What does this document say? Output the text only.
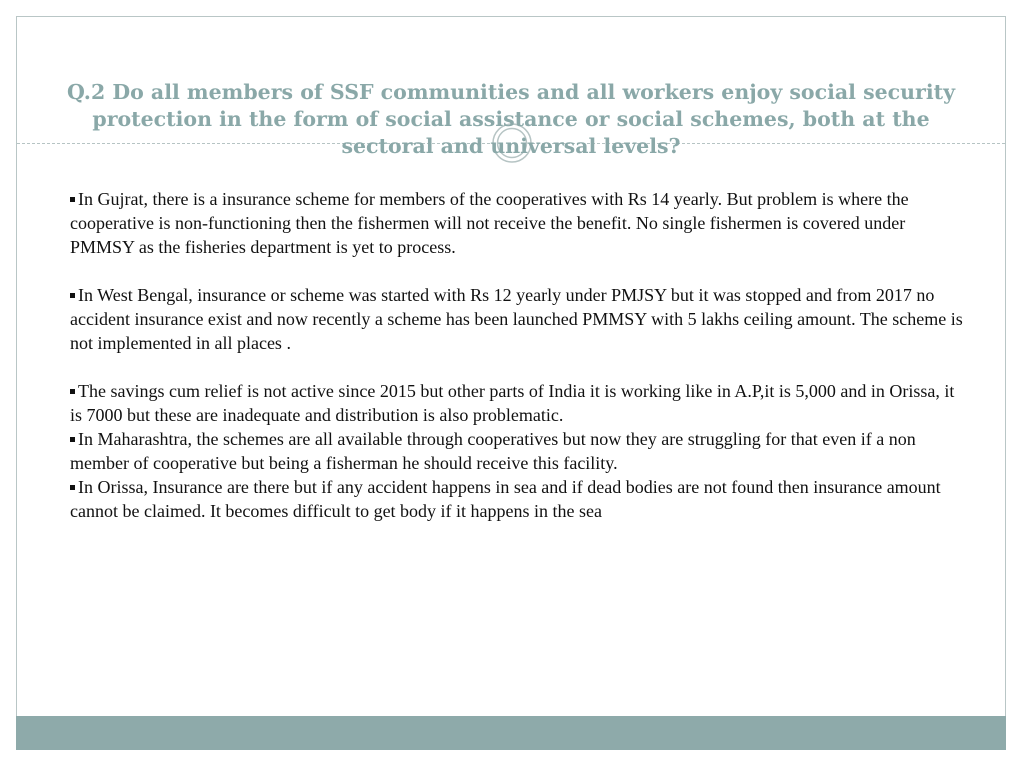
Q.2 Do all members of SSF communities and all workers enjoy social security protection in the form of social assistance or social schemes, both at the sectoral and universal levels?

In Gujrat, there is a insurance scheme for members of the cooperatives with Rs 14 yearly. But problem is where the cooperative is non-functioning then the fishermen will not receive the benefit. No single fishermen is covered under PMMSY as the fisheries department is yet to process.

In West Bengal, insurance or scheme was started with Rs 12 yearly under PMJSY but it was stopped and from 2017 no accident insurance exist and now recently a scheme has been launched PMMSY with 5 lakhs ceiling amount. The scheme is not implemented in all places .

The savings cum relief is not active since 2015 but other parts of India it is working like in A.P,it is 5,000 and in Orissa, it is 7000 but these are inadequate and distribution is also problematic.

In Maharashtra, the schemes are all available through cooperatives but now they are struggling for that even if a non member of cooperative but being a fisherman he should receive this facility.

In Orissa, Insurance are there but if any accident happens in sea and if dead bodies are not found then insurance amount cannot be claimed. It becomes difficult to get body if it happens in the sea
